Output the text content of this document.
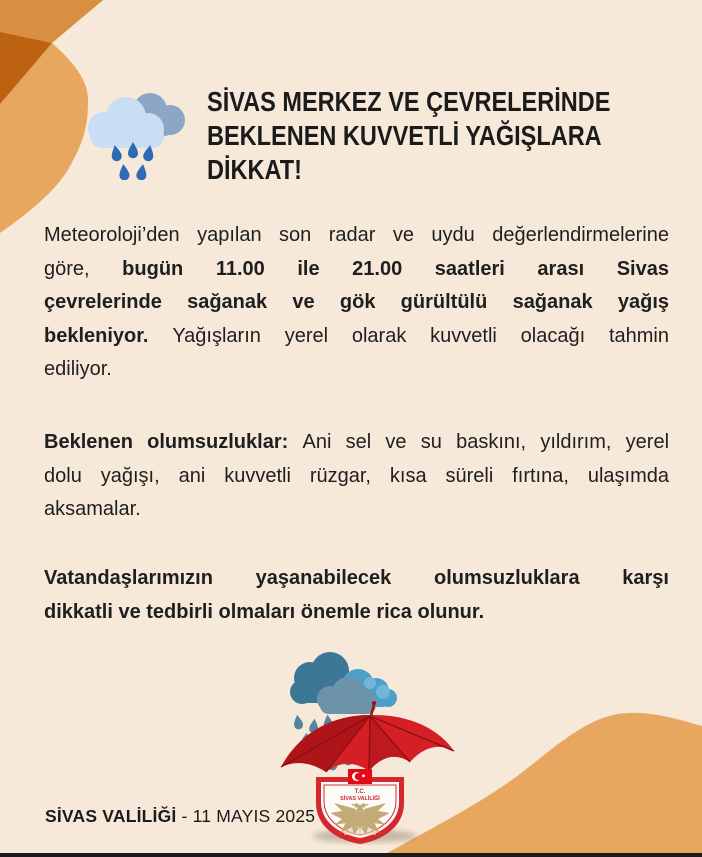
SİVAS MERKEZ VE ÇEVRELERİNDE
BEKLENEN KUVVETLİ YAĞIŞLARA
DİKKAT!
Meteoroloji’den yapılan son radar ve uydu değerlendirmelerine
göre, bugün 11.00 ile 21.00 saatleri arası Sivas
çevrelerinde sağanak ve gök gürültülü sağanak yağış
bekleniyor. Yağışların yerel olarak kuvvetli olacağı tahmin
ediliyor.
Beklenen olumsuzluklar: Ani sel ve su baskını, yıldırım, yerel
dolu yağışı, ani kuvvetli rüzgar, kısa süreli fırtına, ulaşımda
aksamalar.
Vatandaşlarımızın yaşanabilecek olumsuzluklara karşı
dikkatli ve tedbirli olmaları önemle rica olunur.
T.C.
SİVAS VALİLİĞİ
SİVAS VALİLİĞİ - 11 MAYIS 2025
